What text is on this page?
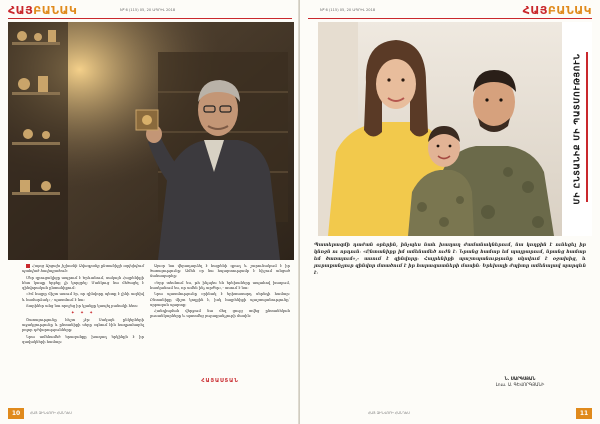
ՀԱՅԲԱՆԱԿ	Nº 6 (115) 05, 20 ԱՊՐԻԼ 2018

Հայոց Արցախ իշխանի Ավագյանը ընտանիքի արխիվում պահված հավաքածուն։

Մեր զրուցակիցը ապրում է Երևանում, սակայն Հայրենիքի հետ կապը երբեք չի կորցրել։ Մանկուց նա մեծացել է զինվորական ընտանիքում։

«Իմ հայրը միշտ ասում էր, որ զինվորը պետք է լինի ազնիվ և համարձակ»,- պատմում է նա։

Տարիներ անց նա որոշեց իր կյանքը կապել բանակի հետ։

✦ ✦ ✦

Ծառայությունը հեշտ չէր։ Սակայն ընկերների աջակցությունը և ընտանիքի սերը օգնում էին հաղթահարել բոլոր դժվարությունները։

Նրա ամենամեծ երազանքը խաղաղ երկինքն է իր զավակների համար։

Այսօր նա վերադարձել է հայրենի գյուղ և շարունակում է իր ծառայությունը։ Ամեն օր նա հպարտությամբ է հիշում անցած ճանապարհը։

«Երբ տեսնում ես, թե ինչպես են երեխաները ապահով խաղում, հասկանում ես, որ ամեն ինչ արժեր»,- ասում է նա։

Նրա պատմությունը օրինակ է երիտասարդ սերնդի համար։ Ընտանիքը միշտ կողքին է, իսկ հայրենիքի պաշտպանությունը՝ սրբազան պարտք։

Հանդիպման վերջում նա մեզ ցույց տվեց ընտանեկան լուսանկարները և պատմեց յուրաքանչյուրի մասին։

ՀԱՅԱՍՏԱՆ
10	ՀԱՅ ԶԻՆՎՈՐԻ ՀԱՆԴԵՍ
Nº 6 (115) 05, 20 ԱՊՐԻԼ 2018	ՀԱՅԲԱՆԱԿ
ՄԻ ԸՆՏԱՆԻՔ ՄԻ ՊԱՏՄՈՒԹՅՈՒՆ

Պատերազմի դաժան օրերին, ինչպես նաև խաղաղ ժամանակներում, նա կողքին է ունեցել իր կնոջն ու որդուն։ «Ընտանիքը իմ ամենամեծ ուժն է։ Նրանց համար եմ պայքարում, նրանց համար եմ ծառայում»,- ասում է զինվորը։ Հայրենիքի պաշտպանությունը սկսվում է օջախից, և յուրաքանչյուր զինվոր մտածում է իր հարազատների մասին։ Երեխայի ժպիտը ամենալավ պարգևն է։

Ն. ՍԱՐԳՍՅԱՆ
Լուս. Ա. ԳԵՎՈՐԳՅԱՆԻ
ՀԱՅ ԶԻՆՎՈՐԻ ՀԱՆԴԵՍ	11
